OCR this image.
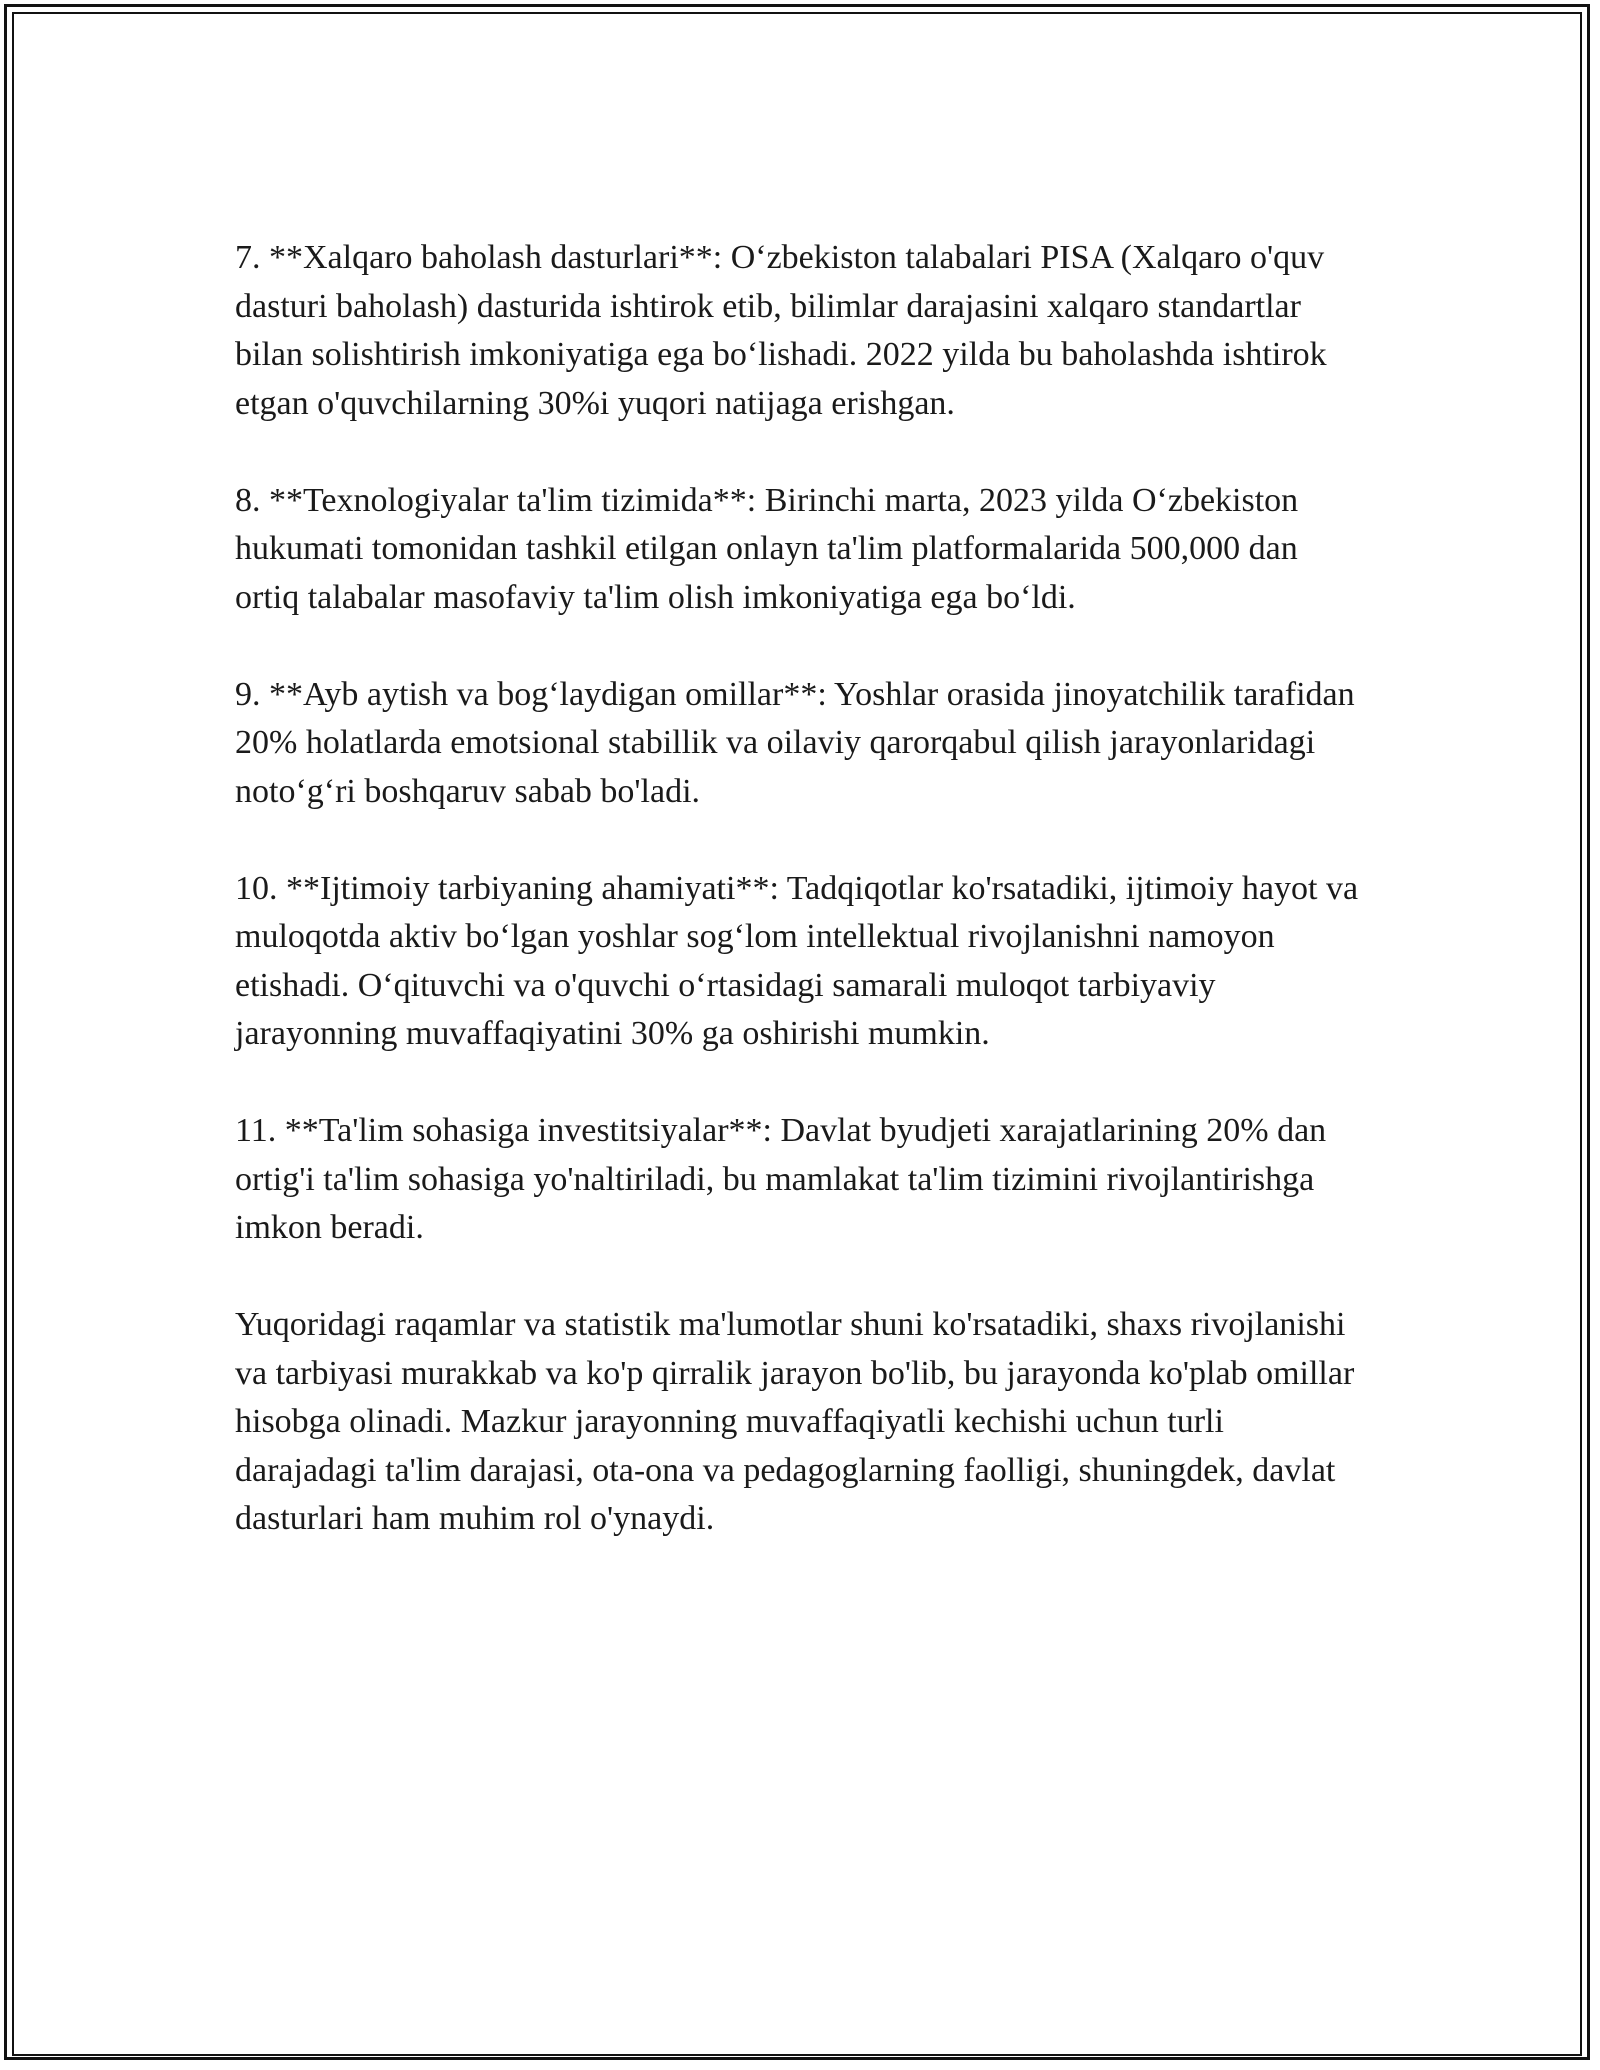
7. **Xalqaro baholash dasturlari**: O‘zbekiston talabalari PISA (Xalqaro o'quv dasturi baholash) dasturida ishtirok etib, bilimlar darajasini xalqaro standartlar bilan solishtirish imkoniyatiga ega bo‘lishadi. 2022 yilda bu baholashda ishtirok etgan o'quvchilarning 30%i yuqori natijaga erishgan.

8. **Texnologiyalar ta'lim tizimida**: Birinchi marta, 2023 yilda O‘zbekiston hukumati tomonidan tashkil etilgan onlayn ta'lim platformalarida 500,000 dan ortiq talabalar masofaviy ta'lim olish imkoniyatiga ega bo‘ldi.

9. **Ayb aytish va bog‘laydigan omillar**: Yoshlar orasida jinoyatchilik tarafidan 20% holatlarda emotsional stabillik va oilaviy qarorqabul qilish jarayonlaridagi noto‘g‘ri boshqaruv sabab bo'ladi.

10. **Ijtimoiy tarbiyaning ahamiyati**: Tadqiqotlar ko'rsatadiki, ijtimoiy hayot va muloqotda aktiv bo‘lgan yoshlar sog‘lom intellektual rivojlanishni namoyon etishadi. O‘qituvchi va o'quvchi o‘rtasidagi samarali muloqot tarbiyaviy jarayonning muvaffaqiyatini 30% ga oshirishi mumkin.

11. **Ta'lim sohasiga investitsiyalar**: Davlat byudjeti xarajatlarining 20% dan ortig'i ta'lim sohasiga yo'naltiriladi, bu mamlakat ta'lim tizimini rivojlantirishga imkon beradi.

Yuqoridagi raqamlar va statistik ma'lumotlar shuni ko'rsatadiki, shaxs rivojlanishi va tarbiyasi murakkab va ko'p qirralik jarayon bo'lib, bu jarayonda ko'plab omillar hisobga olinadi. Mazkur jarayonning muvaffaqiyatli kechishi uchun turli darajadagi ta'lim darajasi, ota-ona va pedagoglarning faolligi, shuningdek, davlat dasturlari ham muhim rol o'ynaydi.
